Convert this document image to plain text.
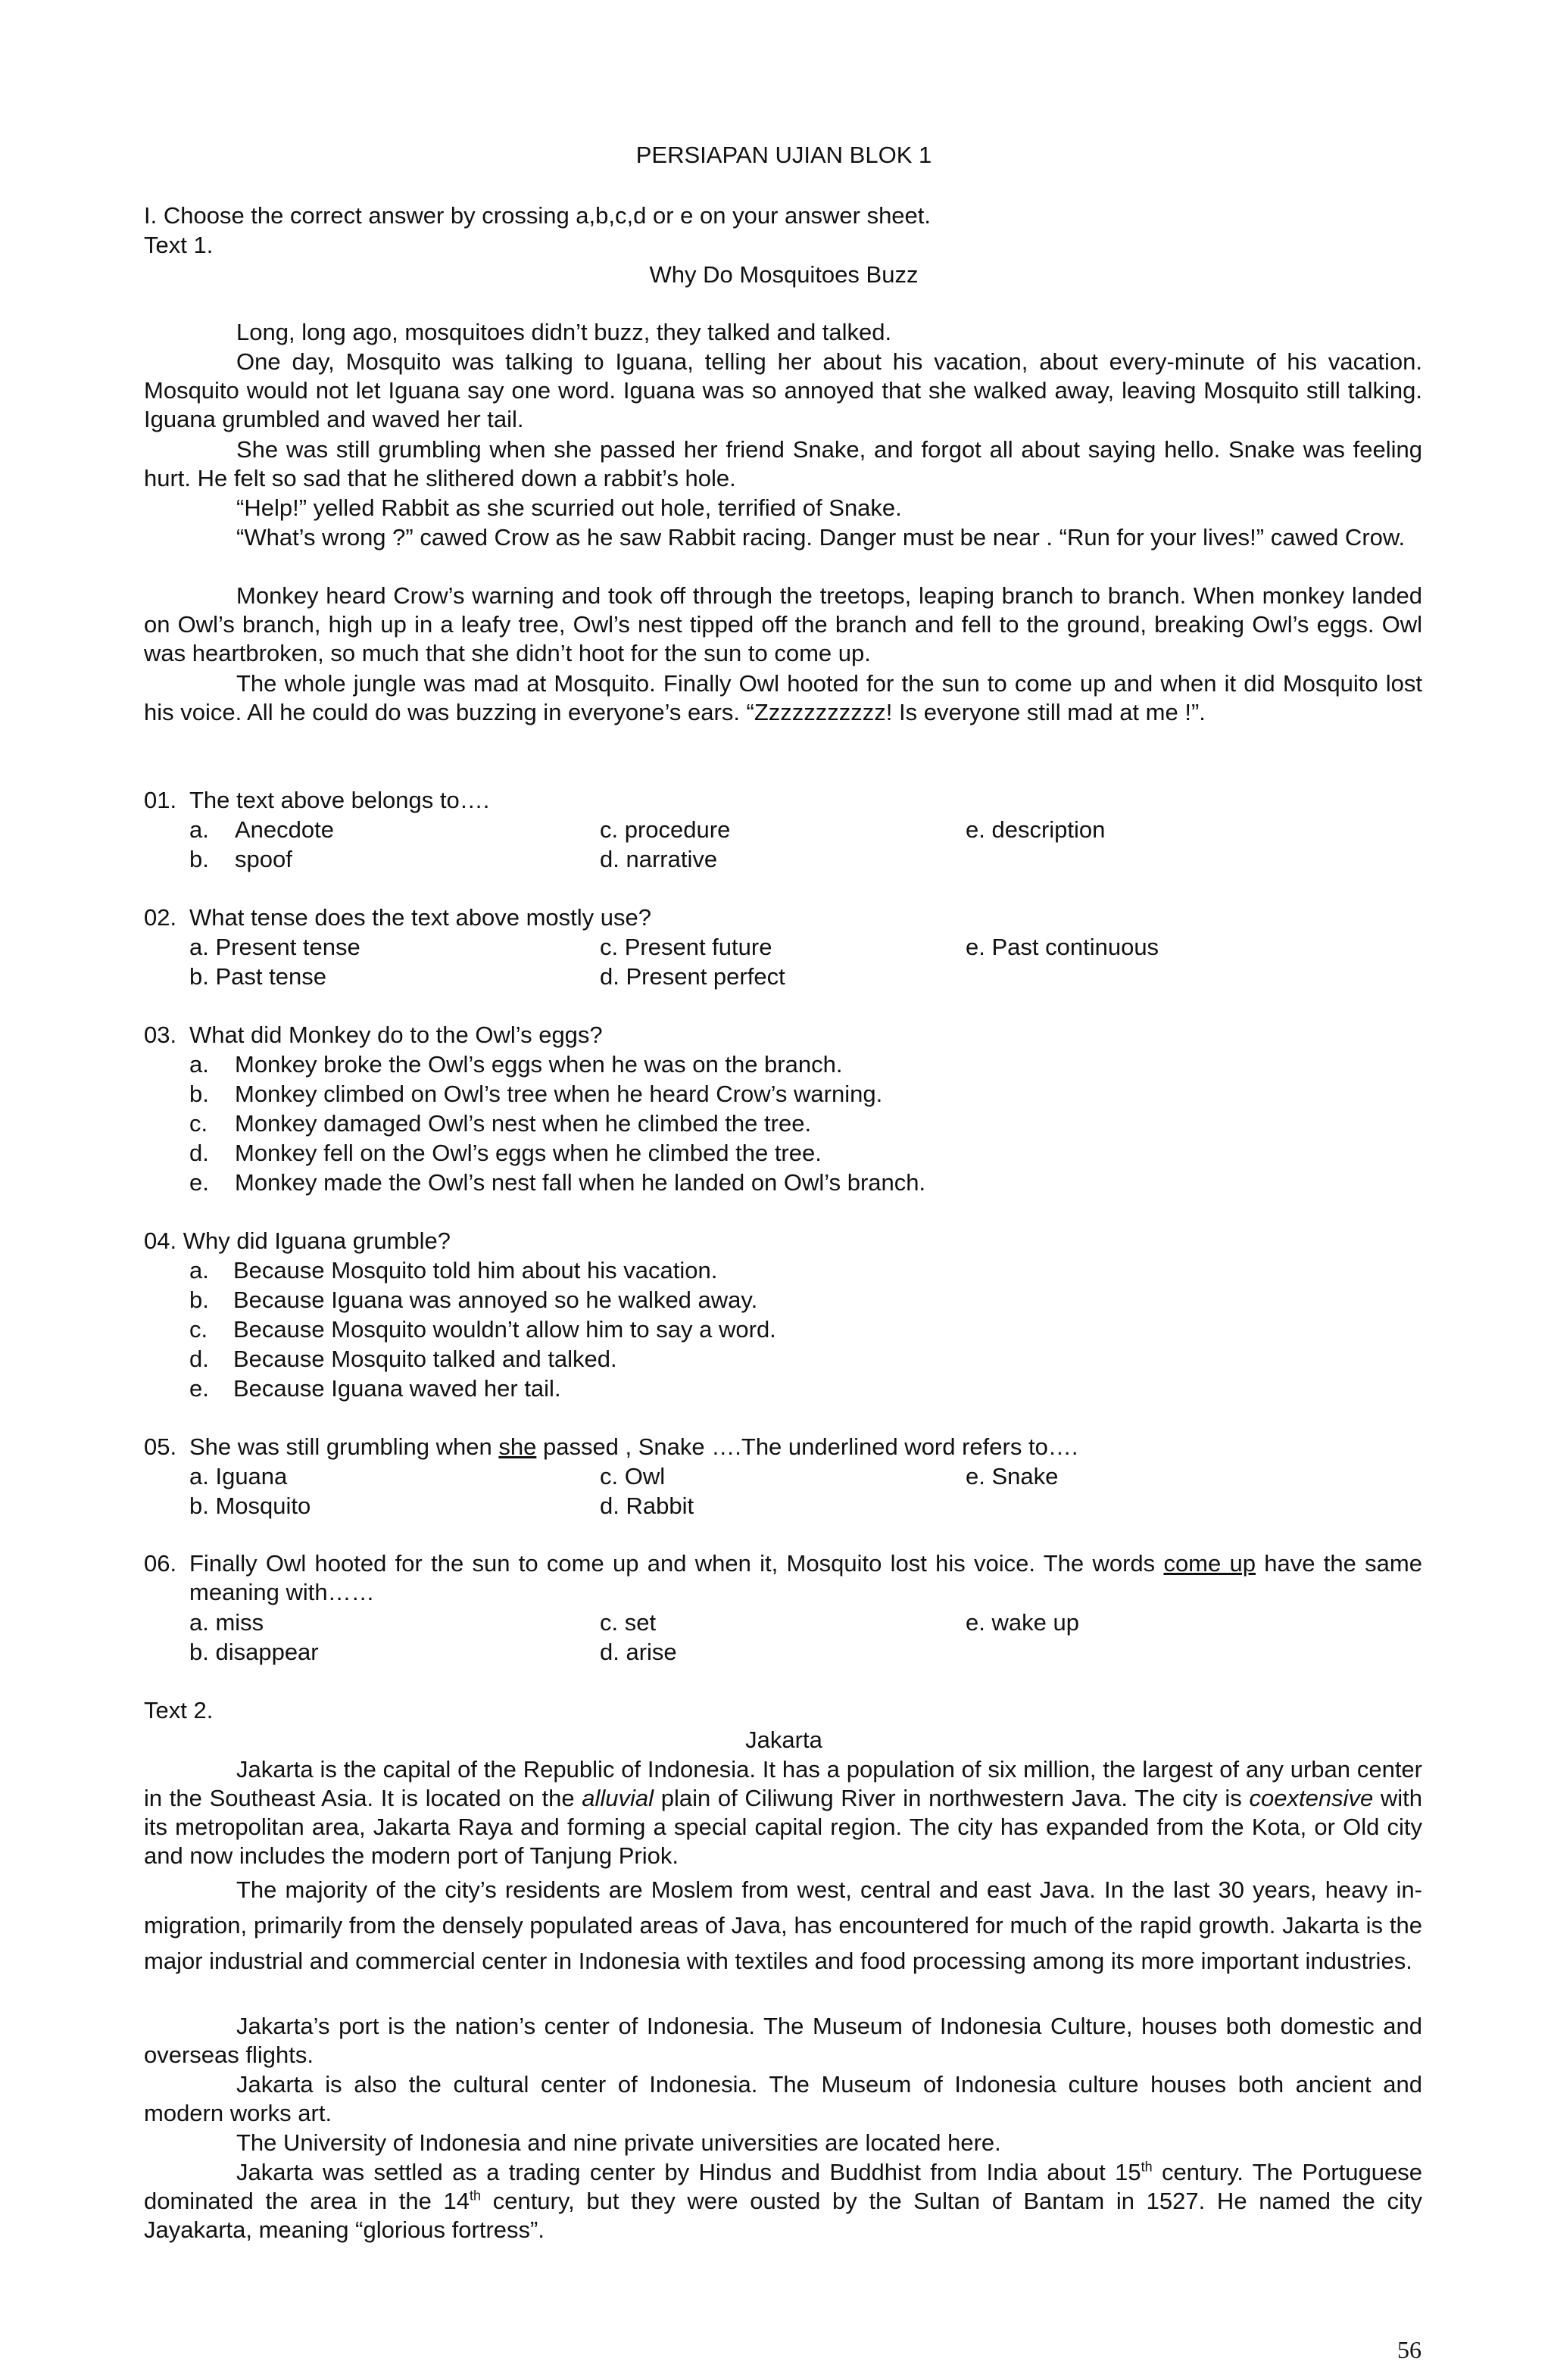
PERSIAPAN UJIAN BLOK 1
I. Choose the correct answer by crossing a,b,c,d or e on your answer sheet.
Text 1.
Why Do Mosquitoes Buzz
Long, long ago, mosquitoes didn’t buzz, they talked and talked.
One day, Mosquito was talking to Iguana, telling her about his vacation, about every-minute of his vacation. Mosquito would not let Iguana say one word. Iguana was so annoyed that she walked away, leaving Mosquito still talking. Iguana grumbled and waved her tail.
She was still grumbling when she passed her friend Snake, and forgot all about saying hello. Snake was feeling hurt. He felt so sad that he slithered down a rabbit’s hole.
“Help!” yelled Rabbit as she scurried out hole, terrified of Snake.
“What’s wrong ?” cawed Crow as he saw Rabbit racing. Danger must be near . “Run for your lives!” cawed Crow.
Monkey heard Crow’s warning and took off through the treetops, leaping branch to branch. When monkey landed on Owl’s branch, high up in a leafy tree, Owl’s nest tipped off the branch and fell to the ground, breaking Owl’s eggs. Owl was heartbroken, so much that she didn’t hoot for the sun to come up.
The whole jungle was mad at Mosquito. Finally Owl hooted for the sun to come up and when it did Mosquito lost his voice. All he could do was buzzing in everyone’s ears. “Zzzzzzzzzzz! Is everyone still mad at me !”.
01. The text above belongs to….
a. Anecdote	c. procedure	e. description
b. spoof	d. narrative
02. What tense does the text above mostly use?
a. Present tense	c. Present future	e. Past continuous
b. Past tense	d. Present perfect
03. What did Monkey do to the Owl’s eggs?
a. Monkey broke the Owl’s eggs when he was on the branch.
b. Monkey climbed on Owl’s tree when he heard Crow’s warning.
c. Monkey damaged Owl’s nest when he climbed the tree.
d. Monkey fell on the Owl’s eggs when he climbed the tree.
e. Monkey made the Owl’s nest fall when he landed on Owl’s branch.
04. Why did Iguana grumble?
a. Because Mosquito told him about his vacation.
b. Because Iguana was annoyed so he walked away.
c. Because Mosquito wouldn’t allow him to say a word.
d. Because Mosquito talked and talked.
e. Because Iguana waved her tail.
05. She was still grumbling when she passed , Snake ….The underlined word refers to….
a. Iguana	c. Owl	e. Snake
b. Mosquito	d. Rabbit
06. Finally Owl hooted for the sun to come up and when it, Mosquito lost his voice. The words come up have the same meaning with……
a. miss	c. set	e. wake up
b. disappear	d. arise
Text 2.
Jakarta
Jakarta is the capital of the Republic of Indonesia. It has a population of six million, the largest of any urban center in the Southeast Asia. It is located on the alluvial plain of Ciliwung River in northwestern Java. The city is coextensive with its metropolitan area, Jakarta Raya and forming a special capital region. The city has expanded from the Kota, or Old city and now includes the modern port of Tanjung Priok.
The majority of the city’s residents are Moslem from west, central and east Java. In the last 30 years, heavy in-migration, primarily from the densely populated areas of Java, has encountered for much of the rapid growth. Jakarta is the major industrial and commercial center in Indonesia with textiles and food processing among its more important industries.
Jakarta’s port is the nation’s center of Indonesia. The Museum of Indonesia Culture, houses both domestic and overseas flights.
Jakarta is also the cultural center of Indonesia. The Museum of Indonesia culture houses both ancient and modern works art.
The University of Indonesia and nine private universities are located here.
Jakarta was settled as a trading center by Hindus and Buddhist from India about 15th century. The Portuguese dominated the area in the 14th century, but they were ousted by the Sultan of Bantam in 1527. He named the city Jayakarta, meaning “glorious fortress”.
56
